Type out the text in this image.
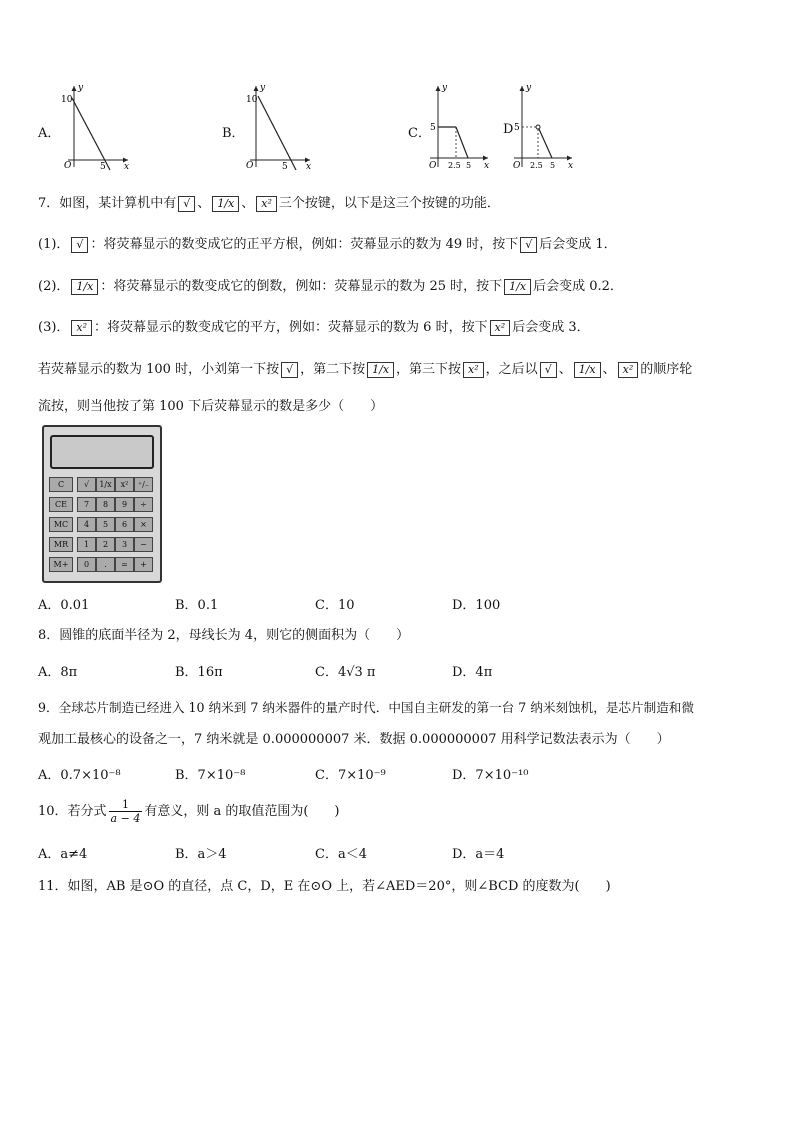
A．
y
x
O
10
5
B．
y
x
O
10
5
C．
y
x
O
5
2.5 5
D
y
x
O
5
2.5 5
7．如图，某计算机中有 √ 、 1/x 、 x² 三个按键，以下是这三个按键的功能．
(1)． √ ：将荧幕显示的数变成它的正平方根，例如：荧幕显示的数为 49 时，按下 √ 后会变成 1．
(2)． 1/x ：将荧幕显示的数变成它的倒数，例如：荧幕显示的数为 25 时，按下 1/x 后会变成 0.2．
(3)． x² ：将荧幕显示的数变成它的平方，例如：荧幕显示的数为 6 时，按下 x² 后会变成 3．
若荧幕显示的数为 100 时，小刘第一下按 √ ，第二下按 1/x ，第三下按 x² ，之后以 √ 、 1/x 、 x² 的顺序轮
流按，则当他按了第 100 下后荧幕显示的数是多少（　　）
C	√	1/x	x²	⁺∕₋
CE	7	8	9	÷
MC	4	5	6	×
MR	1	2	3	−
M+	0	.	=	+
A．0.01	B．0.1	C．10	D．100
8．圆锥的底面半径为 2，母线长为 4，则它的侧面积为（　　）
A．8π	B．16π	C．4√3 π	D．4π
9．全球芯片制造已经进入 10 纳米到 7 纳米器件的量产时代．中国自主研发的第一台 7 纳米刻蚀机，是芯片制造和微
观加工最核心的设备之一，7 纳米就是 0.000000007 米．数据 0.000000007 用科学记数法表示为（　　）
A．0.7×10⁻⁸	B．7×10⁻⁸	C．7×10⁻⁹	D．7×10⁻¹⁰
10．若分式 $\frac{1}{a - 4}$ 有意义，则 a 的取值范围为(　　)
A．a≠4	B．a＞4	C．a＜4	D．a＝4
11．如图，AB 是⊙O 的直径，点 C，D，E 在⊙O 上，若∠AED＝20°，则∠BCD 的度数为(　　)
